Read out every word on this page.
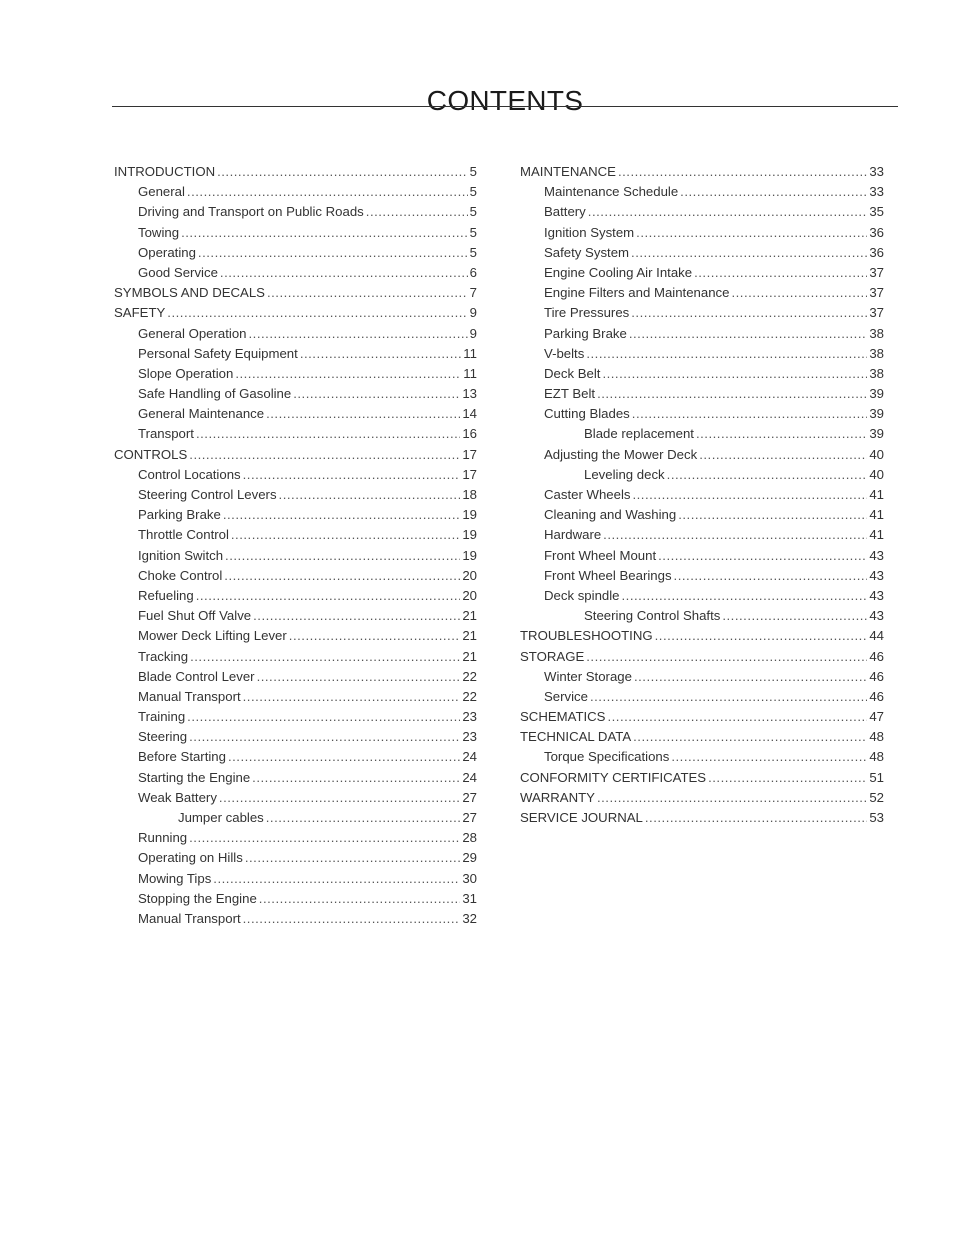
CONTENTS
INTRODUCTION .....	5
General .....	5
Driving and Transport on Public Roads .....	5
Towing .....	5
Operating .....	5
Good Service .....	6
SYMBOLS AND DECALS .....	7
SAFETY .....	9
General Operation .....	9
Personal Safety Equipment .....	11
Slope Operation .....	11
Safe Handling of Gasoline .....	13
General Maintenance .....	14
Transport .....	16
CONTROLS .....	17
Control Locations .....	17
Steering Control Levers .....	18
Parking Brake .....	19
Throttle Control .....	19
Ignition Switch .....	19
Choke Control .....	20
Refueling .....	20
Fuel Shut Off Valve .....	21
Mower Deck Lifting Lever .....	21
Tracking .....	21
Blade Control Lever .....	22
Manual Transport .....	22
Training .....	23
Steering .....	23
Before Starting .....	24
Starting the Engine .....	24
Weak Battery .....	27
Jumper cables .....	27
Running .....	28
Operating on Hills .....	29
Mowing Tips .....	30
Stopping the Engine .....	31
Manual Transport .....	32
MAINTENANCE .....	33
Maintenance Schedule .....	33
Battery .....	35
Ignition System .....	36
Safety System .....	36
Engine Cooling Air Intake .....	37
Engine Filters and Maintenance .....	37
Tire Pressures .....	37
Parking Brake .....	38
V-belts .....	38
Deck Belt .....	38
EZT Belt .....	39
Cutting Blades .....	39
Blade replacement .....	39
Adjusting the Mower Deck .....	40
Leveling deck .....	40
Caster Wheels .....	41
Cleaning and Washing .....	41
Hardware .....	41
Front Wheel Mount .....	43
Front Wheel Bearings .....	43
Deck spindle .....	43
Steering Control Shafts .....	43
TROUBLESHOOTING .....	44
STORAGE .....	46
Winter Storage .....	46
Service .....	46
SCHEMATICS .....	47
TECHNICAL DATA .....	48
Torque Specifications .....	48
CONFORMITY CERTIFICATES .....	51
WARRANTY .....	52
SERVICE JOURNAL .....	53
